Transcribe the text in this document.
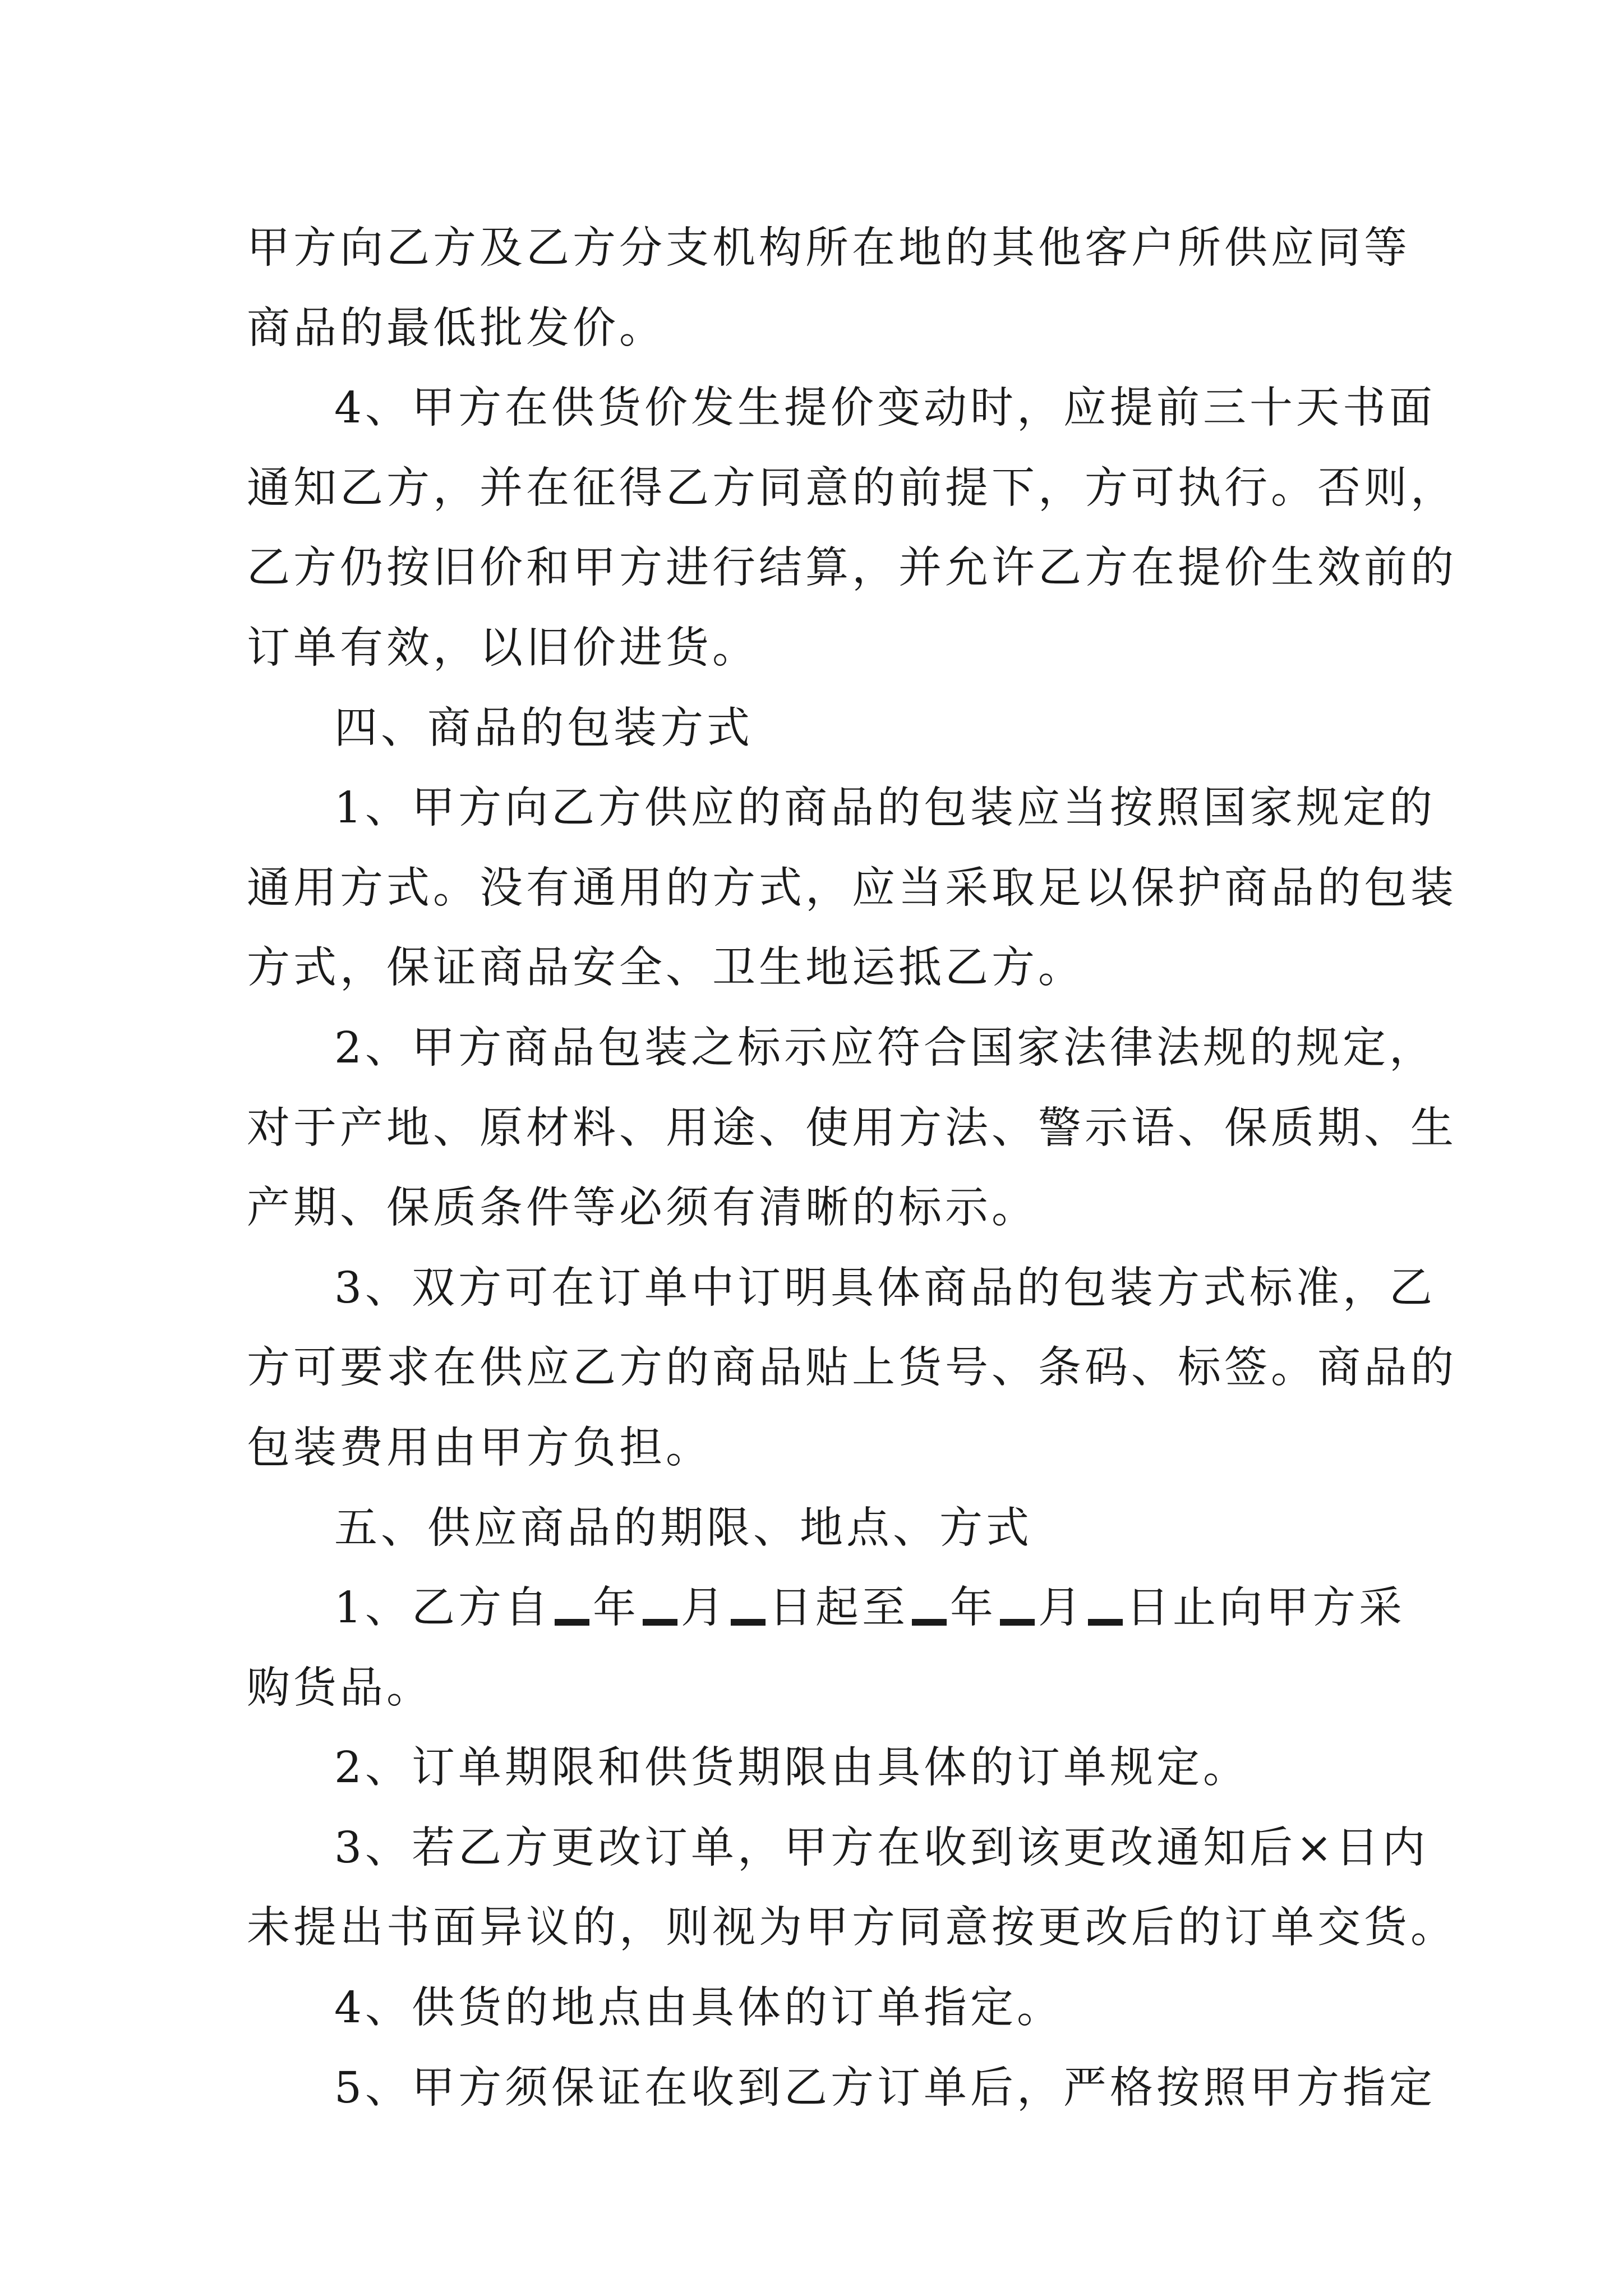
甲方向乙方及乙方分支机构所在地的其他客户所供应同等
商品的最低批发价。
4、甲方在供货价发生提价变动时，应提前三十天书面
通知乙方，并在征得乙方同意的前提下，方可执行。否则，
乙方仍按旧价和甲方进行结算，并允许乙方在提价生效前的
订单有效，以旧价进货。
四、商品的包装方式
1、甲方向乙方供应的商品的包装应当按照国家规定的
通用方式。没有通用的方式，应当采取足以保护商品的包装
方式，保证商品安全、卫生地运抵乙方。
2、甲方商品包装之标示应符合国家法律法规的规定，
对于产地、原材料、用途、使用方法、警示语、保质期、生
产期、保质条件等必须有清晰的标示。
3、双方可在订单中订明具体商品的包装方式标准，乙
方可要求在供应乙方的商品贴上货号、条码、标签。商品的
包装费用由甲方负担。
五、供应商品的期限、地点、方式
1、乙方自 年 月 日起至 年 月 日止向甲方采
购货品。
2、订单期限和供货期限由具体的订单规定。
3、若乙方更改订单，甲方在收到该更改通知后×日内
未提出书面异议的，则视为甲方同意按更改后的订单交货。
4、供货的地点由具体的订单指定。
5、甲方须保证在收到乙方订单后，严格按照甲方指定
